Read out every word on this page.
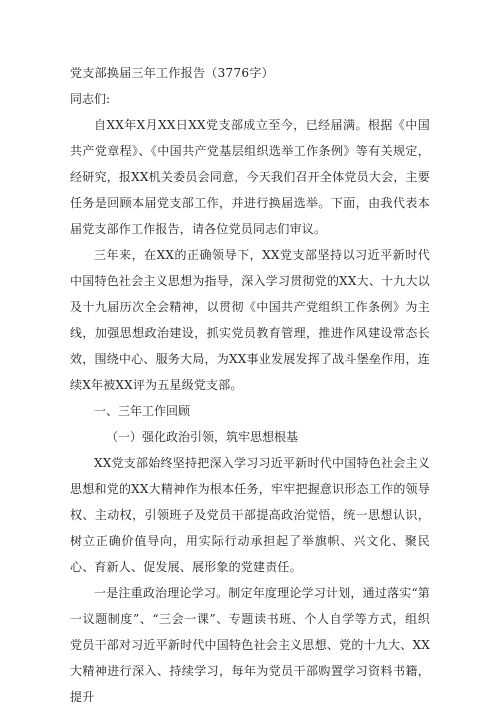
党支部换届三年工作报告（3776字）

同志们:

自XX年X月XX日XX党支部成立至今，已经届满。根据《中国共产党章程》、《中国共产党基层组织选举工作条例》等有关规定，经研究，报XX机关委员会同意，今天我们召开全体党员大会，主要任务是回顾本届党支部工作，并进行换届选举。下面，由我代表本届党支部作工作报告，请各位党员同志们审议。

三年来，在XX的正确领导下，XX党支部坚持以习近平新时代中国特色社会主义思想为指导，深入学习贯彻党的XX大、十九大以及十九届历次全会精神，以贯彻《中国共产党组织工作条例》为主线，加强思想政治建设，抓实党员教育管理，推进作风建设常态长效，围绕中心、服务大局，为XX事业发展发挥了战斗堡垒作用，连续X年被XX评为五星级党支部。

一、三年工作回顾

（一）强化政治引领，筑牢思想根基

XX党支部始终坚持把深入学习习近平新时代中国特色社会主义思想和党的XX大精神作为根本任务，牢牢把握意识形态工作的领导权、主动权，引领班子及党员干部提高政治觉悟，统一思想认识，树立正确价值导向，用实际行动承担起了举旗帜、兴文化、聚民心、育新人、促发展、展形象的党建责任。

一是注重政治理论学习。制定年度理论学习计划，通过落实“第一议题制度”、“三会一课”、专题读书班、个人自学等方式，组织党员干部对习近平新时代中国特色社会主义思想、党的十九大、XX大精神进行深入、持续学习，每年为党员干部购置学习资料书籍，提升
